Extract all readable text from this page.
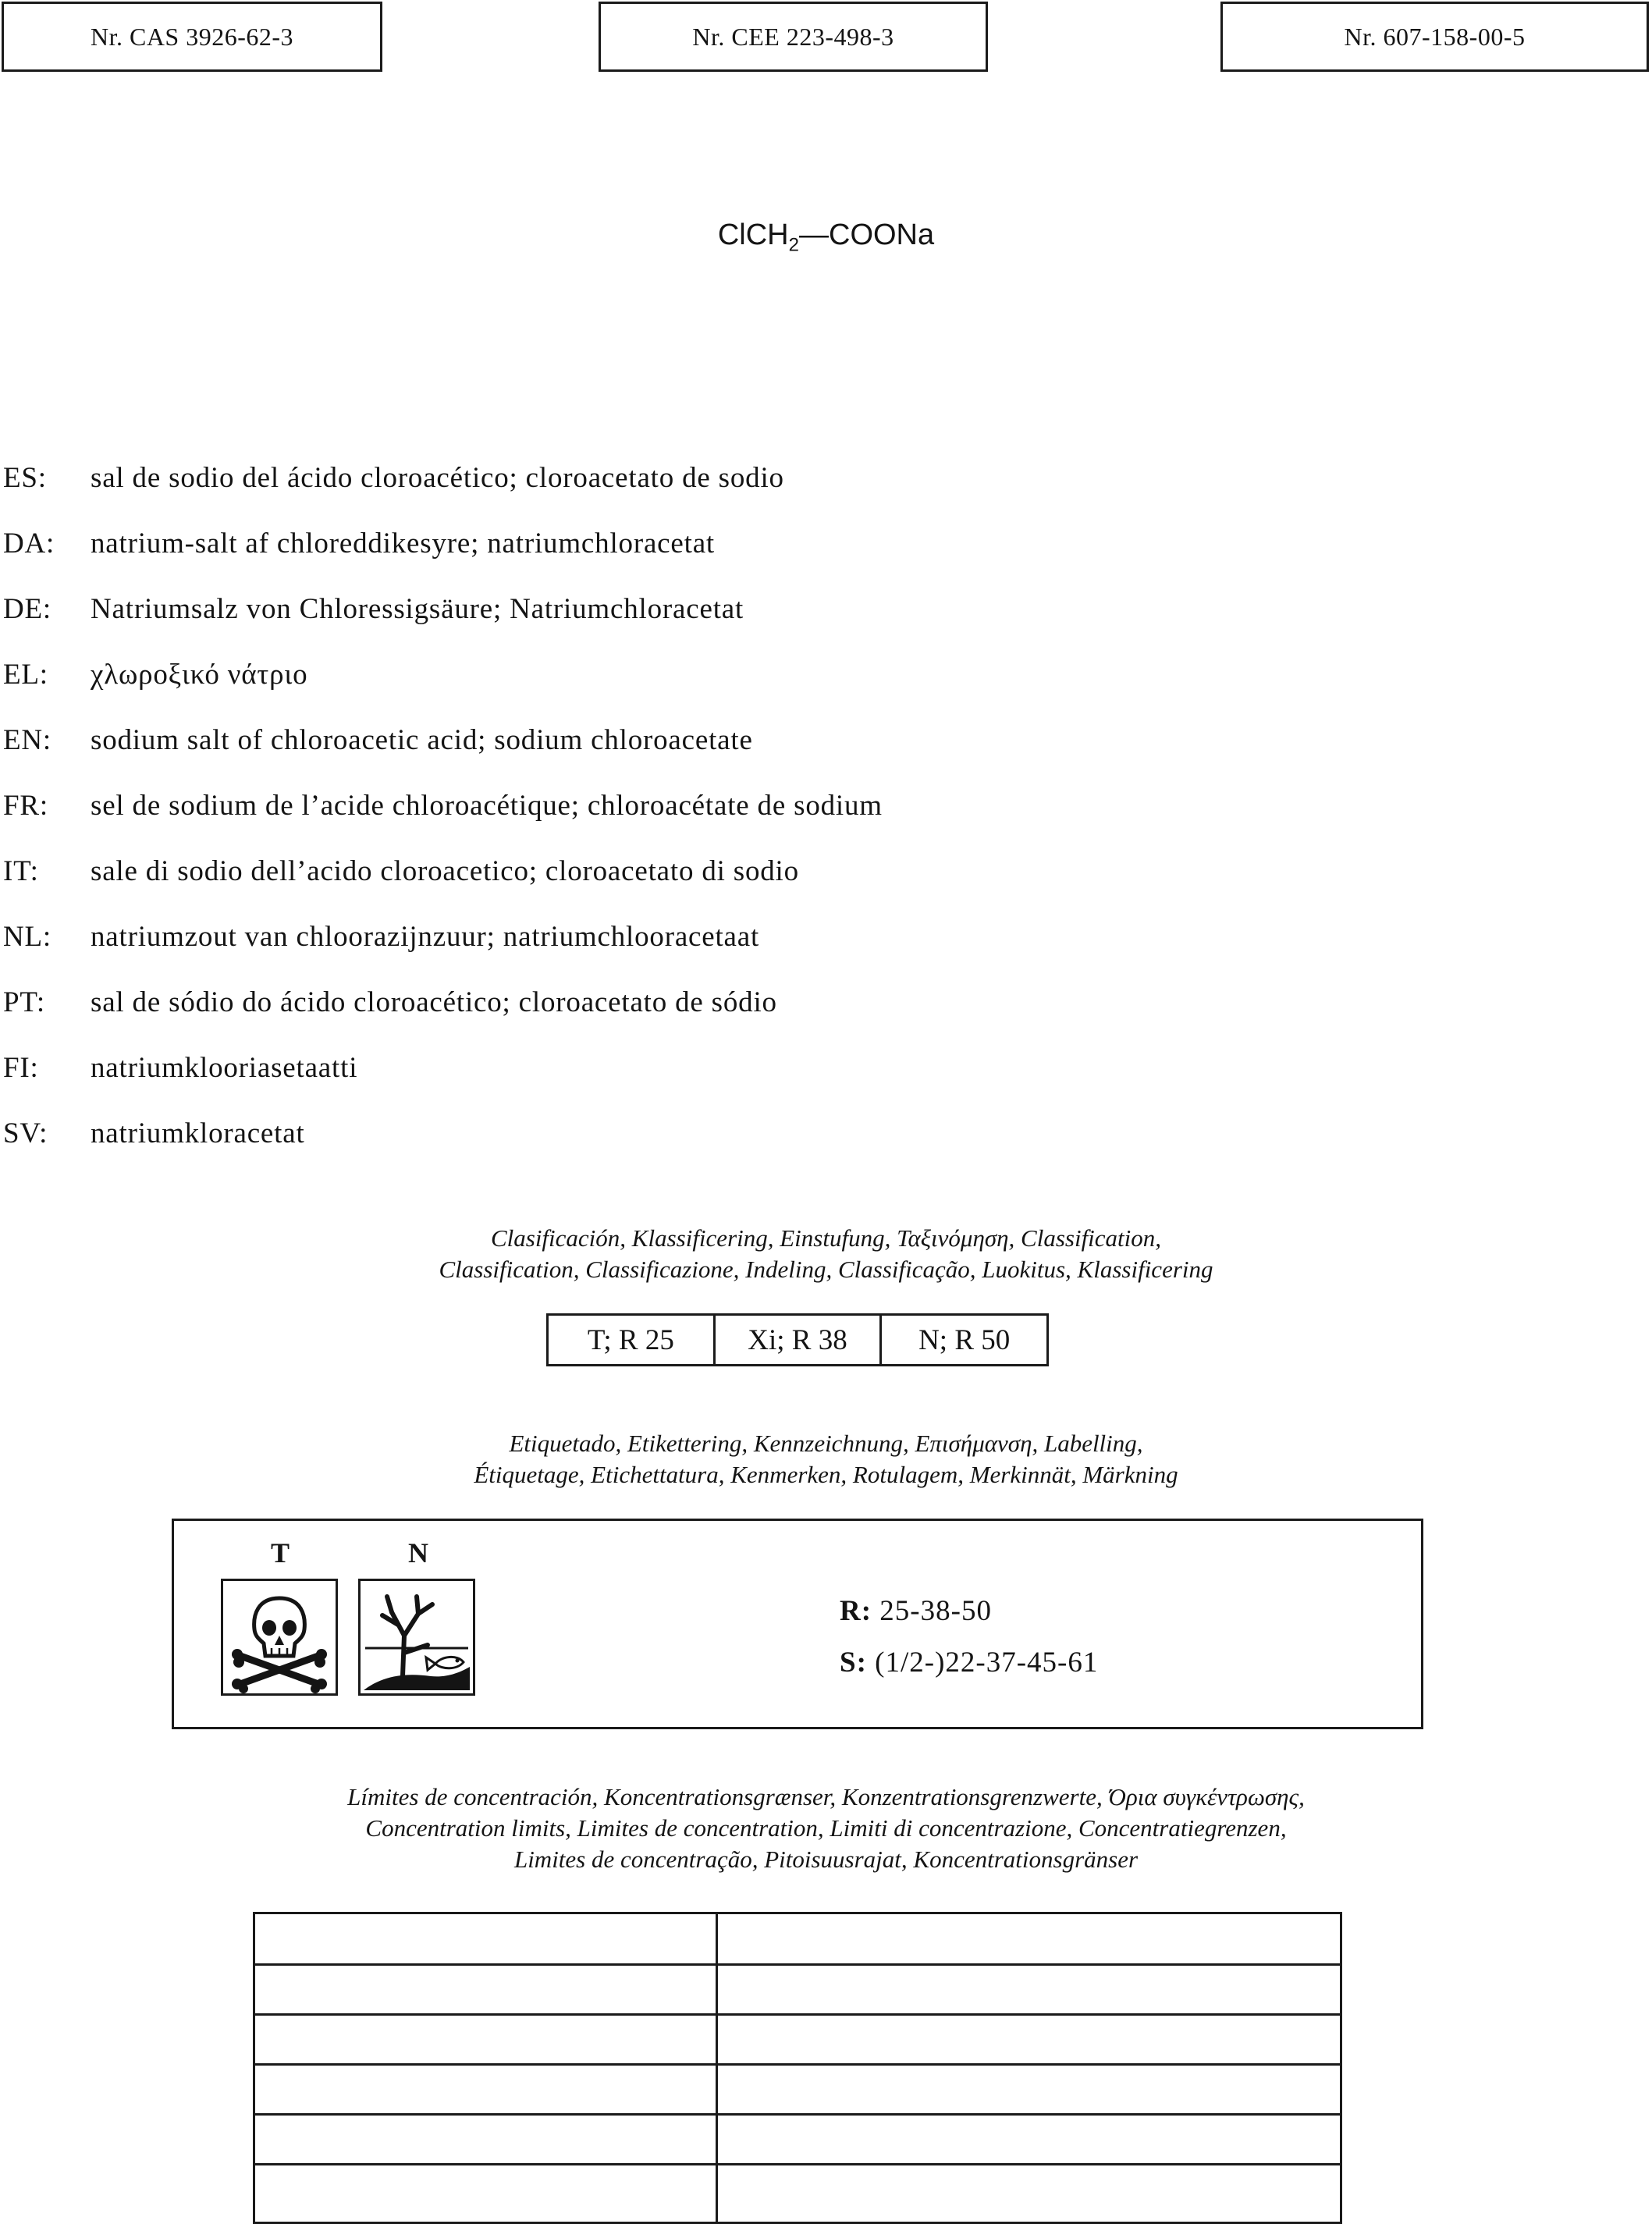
Nr. CAS 3926-62-3	Nr. CEE 223-498-3	Nr. 607-158-00-5
ClCH$_2$—COONa
ES:	sal de sodio del ácido cloroacético; cloroacetato de sodio
DA:	natrium-salt af chloreddikesyre; natriumchloracetat
DE:	Natriumsalz von Chloressigsäure; Natriumchloracetat
EL:	χλωροξικό νάτριο
EN:	sodium salt of chloroacetic acid; sodium chloroacetate
FR:	sel de sodium de l’acide chloroacétique; chloroacétate de sodium
IT:	sale di sodio dell’acido cloroacetico; cloroacetato di sodio
NL:	natriumzout van chloorazijnzuur; natriumchlooracetaat
PT:	sal de sódio do ácido cloroacético; cloroacetato de sódio
FI:	natriumklooriasetaatti
SV:	natriumkloracetat
Clasificación, Klassificering, Einstufung, Ταξινόμηση, Classification,
Classification, Classificazione, Indeling, Classificação, Luokitus, Klassificering
T; R 25	Xi; R 38	N; R 50
Etiquetado, Etikettering, Kennzeichnung, Επισήμανση, Labelling,
Étiquetage, Etichettatura, Kenmerken, Rotulagem, Merkinnät, Märkning
T	N
R: 25-38-50
S: (1/2-)22-37-45-61
Límites de concentración, Koncentrationsgrænser, Konzentrationsgrenzwerte, Όρια συγκέντρωσης,
Concentration limits, Limites de concentration, Limiti di concentrazione, Concentratiegrenzen,
Limites de concentração, Pitoisuusrajat, Koncentrationsgränser
